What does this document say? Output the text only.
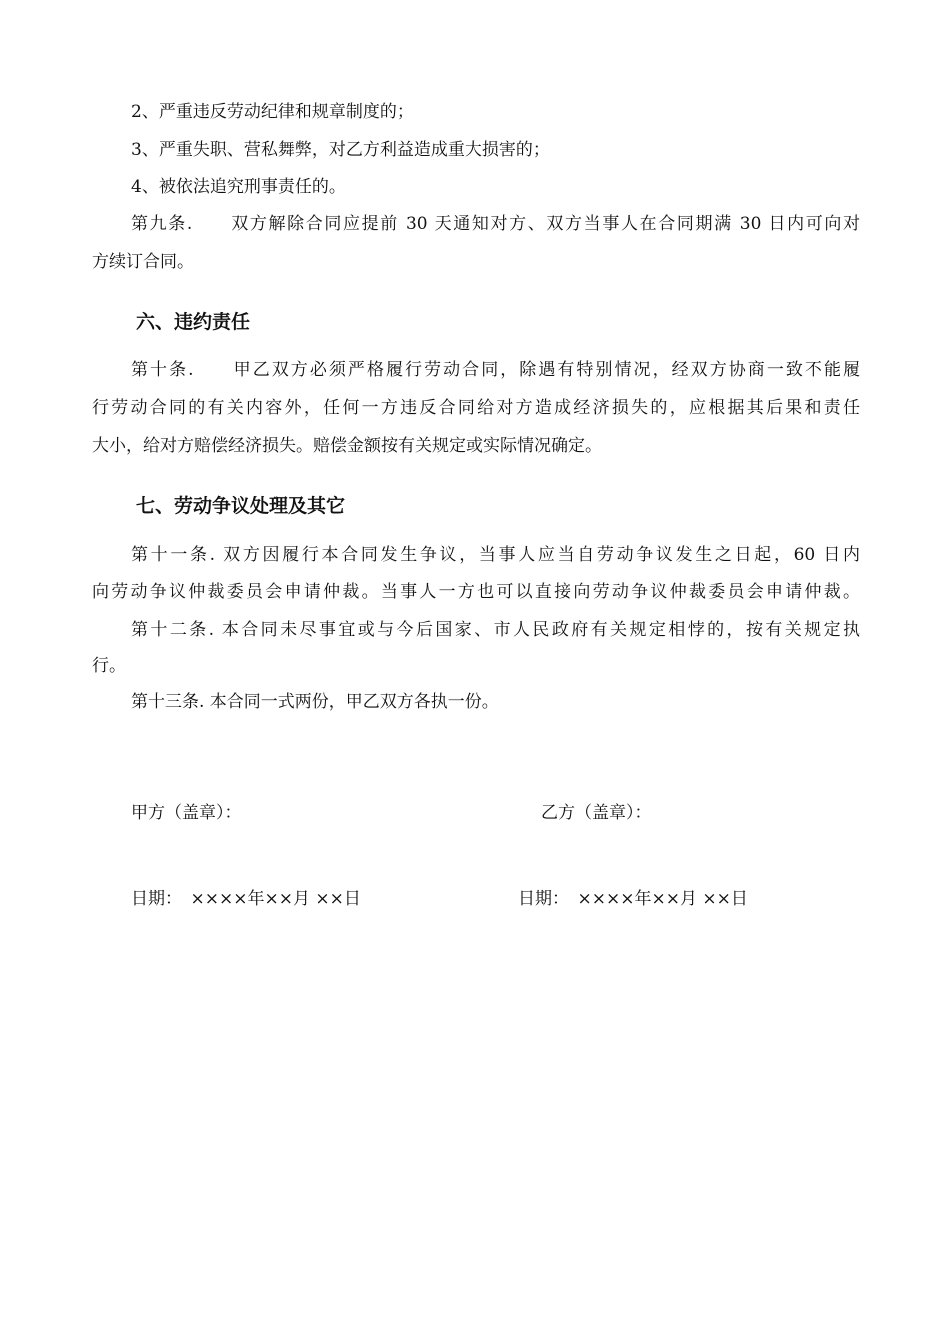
2、严重违反劳动纪律和规章制度的；
3、严重失职、营私舞弊，对乙方利益造成重大损害的；
4、被依法追究刑事责任的。
第九条.　　双方解除合同应提前 30 天通知对方、双方当事人在合同期满 30 日内可向对
方续订合同。
六、违约责任
第十条.　　甲乙双方必须严格履行劳动合同，除遇有特别情况，经双方协商一致不能履
行劳动合同的有关内容外，任何一方违反合同给对方造成经济损失的，应根据其后果和责任
大小，给对方赔偿经济损失。赔偿金额按有关规定或实际情况确定。
七、劳动争议处理及其它
第十一条. 双方因履行本合同发生争议，当事人应当自劳动争议发生之日起，60 日内
向劳动争议仲裁委员会申请仲裁。当事人一方也可以直接向劳动争议仲裁委员会申请仲裁。
第十二条. 本合同未尽事宜或与今后国家、市人民政府有关规定相悖的，按有关规定执
行。
第十三条. 本合同一式两份，甲乙双方各执一份。
甲方（盖章）：	乙方（盖章）：
日期：　××××年××月 ××日	日期：　××××年××月 ××日
